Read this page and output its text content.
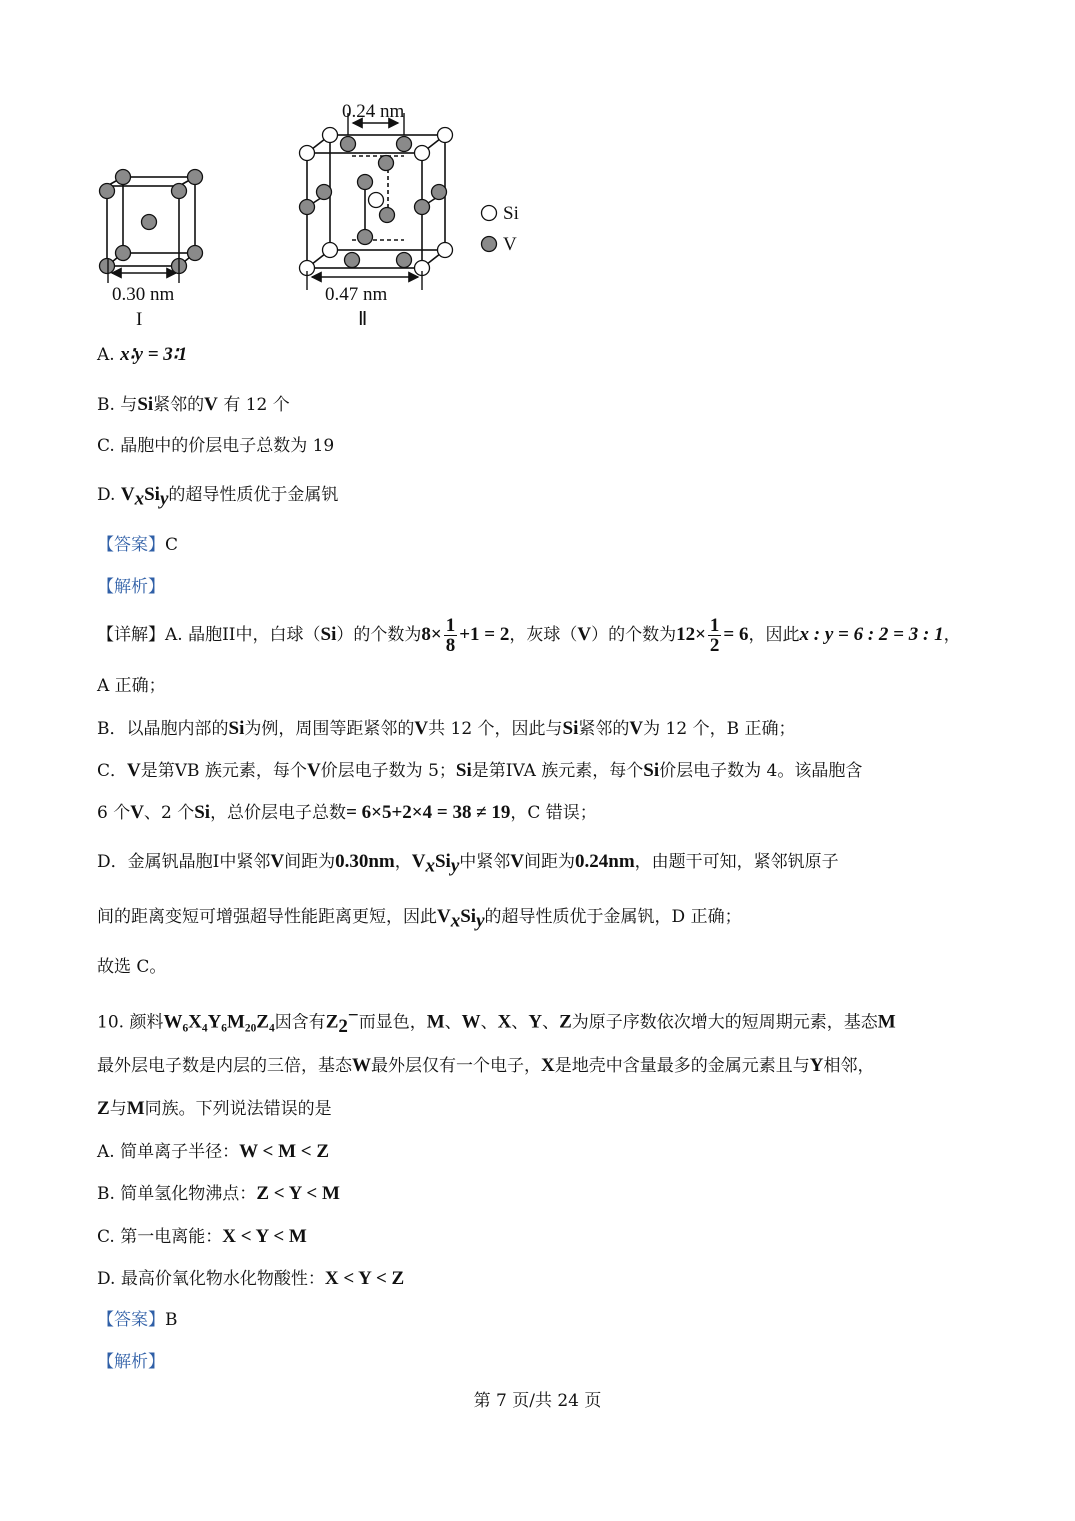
0.30 nm
I
0.24 nm
0.47 nm
Ⅱ
Si
V
A. x∶y = 3∶1
B. 与Si紧邻的V 有 12 个
C. 晶胞中的价层电子总数为 19
D. $V_xSi_y$的超导性质优于金属钒
【答案】C
【解析】
【详解】A. 晶胞II中，白球（Si）的个数为$8\times \frac{1}{8} +1 = 2$，灰球（V）的个数为$12\times \frac{1}{2} = 6$，因此x : y = 6 : 2 = 3 : 1，
A 正确；
B．以晶胞内部的Si为例，周围等距紧邻的V共 12 个，因此与Si紧邻的V为 12 个，B 正确；
C．V是第VB 族元素，每个V价层电子数为 5；Si是第IVA 族元素，每个Si价层电子数为 4。该晶胞含
6 个V、2 个Si，总价层电子总数= 6×5+2×4 = 38 ≠ 19，C 错误；
D．金属钒晶胞I中紧邻V间距为0.30nm，$V_xSi_y$中紧邻V间距为0.24nm，由题干可知，紧邻钒原子
间的距离变短可增强超导性能距离更短，因此$V_xSi_y$的超导性质优于金属钒，D 正确；
故选 C。
10. 颜料W₆X₄Y₆M₂₀Z₄因含有$Z_2^-$而显色，M、W、X、Y、Z为原子序数依次增大的短周期元素，基态M
最外层电子数是内层的三倍，基态W最外层仅有一个电子，X是地壳中含量最多的金属元素且与Y相邻，
Z与M同族。下列说法错误的是
A. 简单离子半径：W < M < Z
B. 简单氢化物沸点：Z < Y < M
C. 第一电离能：X < Y < M
D. 最高价氧化物水化物酸性：X < Y < Z
【答案】B
【解析】
第 7 页/共 24 页
